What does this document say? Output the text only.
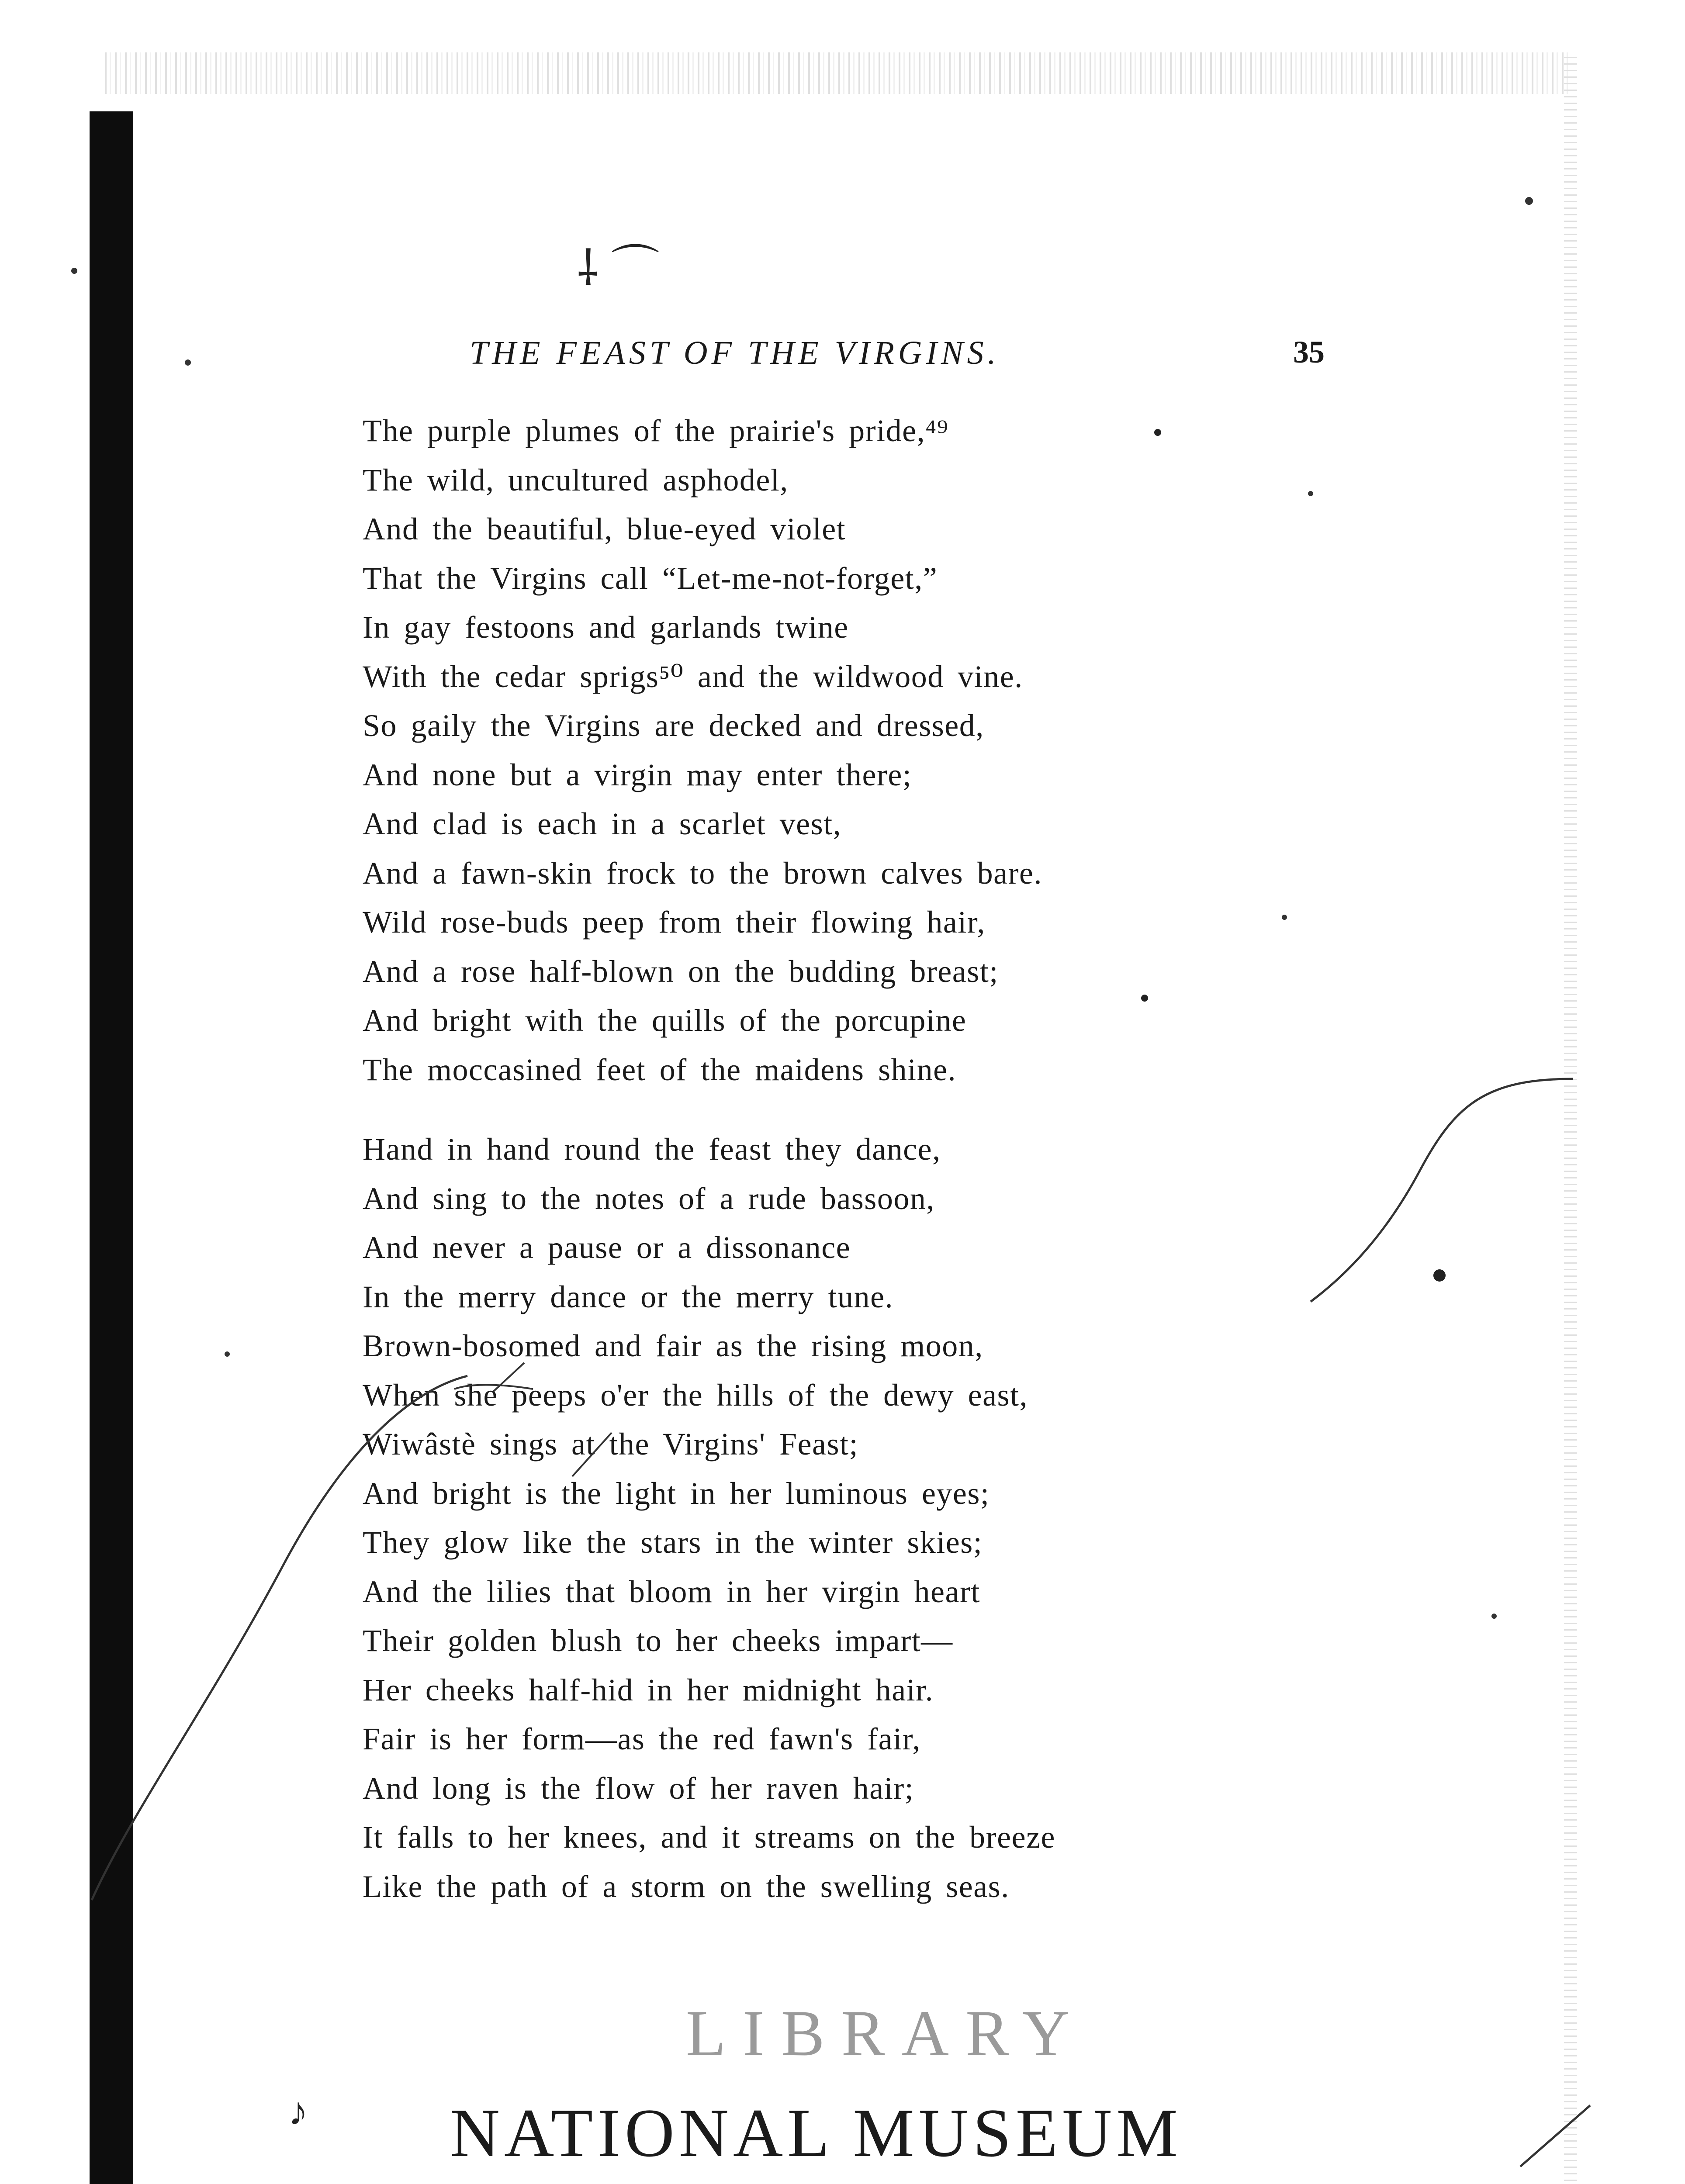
⸸ ⌒
THE FEAST OF THE VIRGINS.	35
The purple plumes of the prairie's pride,⁴⁹
The wild, uncultured asphodel,
And the beautiful, blue-eyed violet
That the Virgins call “Let-me-not-forget,”
In gay festoons and garlands twine
With the cedar sprigs⁵⁰ and the wildwood vine.
So gaily the Virgins are decked and dressed,
And none but a virgin may enter there;
And clad is each in a scarlet vest,
And a fawn-skin frock to the brown calves bare.
Wild rose-buds peep from their flowing hair,
And a rose half-blown on the budding breast;
And bright with the quills of the porcupine
The moccasined feet of the maidens shine.
Hand in hand round the feast they dance,
And sing to the notes of a rude bassoon,
And never a pause or a dissonance
In the merry dance or the merry tune.
Brown-bosomed and fair as the rising moon,
When she peeps o'er the hills of the dewy east,
Wiwâstè sings at the Virgins' Feast;
And bright is the light in her luminous eyes;
They glow like the stars in the winter skies;
And the lilies that bloom in her virgin heart
Their golden blush to her cheeks impart—
Her cheeks half-hid in her midnight hair.
Fair is her form—as the red fawn's fair,
And long is the flow of her raven hair;
It falls to her knees, and it streams on the breeze
Like the path of a storm on the swelling seas.
LIBRARY
NATIONAL MUSEUM
♪
